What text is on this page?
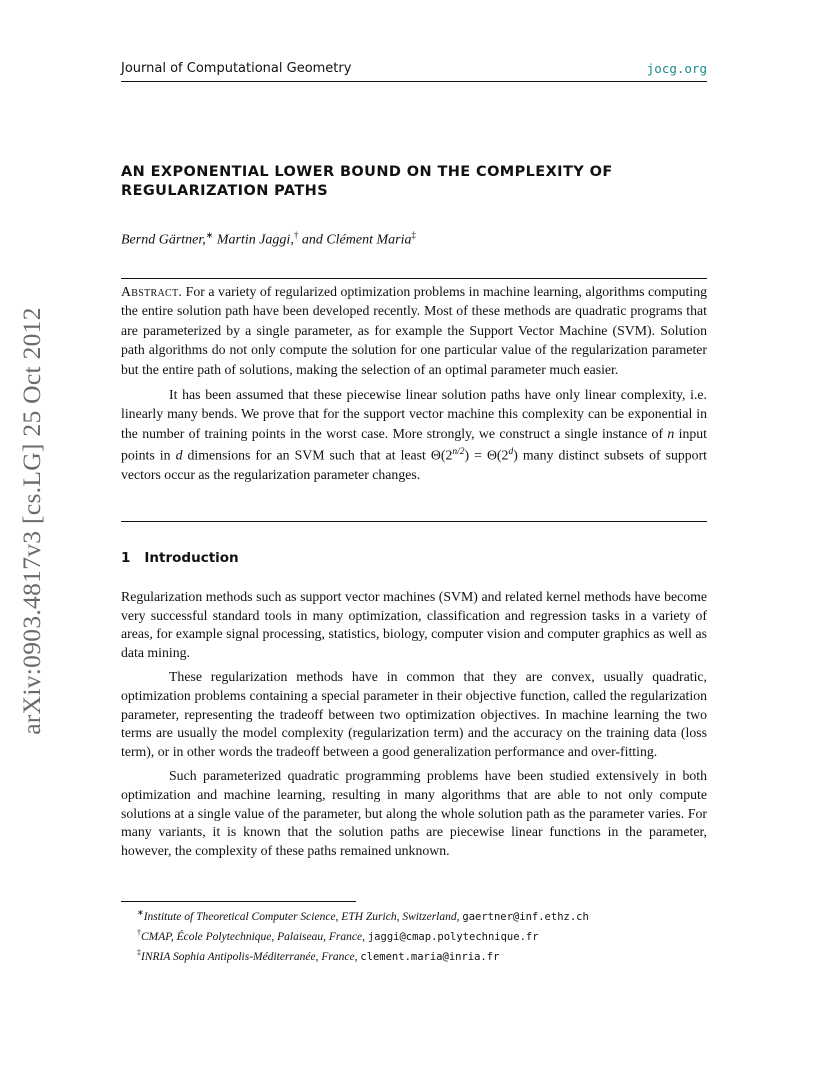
arXiv:0903.4817v3 [cs.LG] 25 Oct 2012
Journal of Computational Geometry	jocg.org
AN EXPONENTIAL LOWER BOUND ON THE COMPLEXITY OF
REGULARIZATION PATHS
Bernd Gärtner,∗ Martin Jaggi,† and Clément Maria‡

Abstract. For a variety of regularized optimization problems in machine learning, algorithms computing the entire solution path have been developed recently. Most of these methods are quadratic programs that are parameterized by a single parameter, as for example the Support Vector Machine (SVM). Solution path algorithms do not only compute the solution for one particular value of the regularization parameter but the entire path of solutions, making the selection of an optimal parameter much easier.

It has been assumed that these piecewise linear solution paths have only linear complexity, i.e. linearly many bends. We prove that for the support vector machine this complexity can be exponential in the number of training points in the worst case. More strongly, we construct a single instance of n input points in d dimensions for an SVM such that at least $\Theta(2^{n/2}) = \Theta(2^d)$ many distinct subsets of support vectors occur as the regularization parameter changes.

1 Introduction

Regularization methods such as support vector machines (SVM) and related kernel methods have become very successful standard tools in many optimization, classification and regression tasks in a variety of areas, for example signal processing, statistics, biology, computer vision and computer graphics as well as data mining.

These regularization methods have in common that they are convex, usually quadratic, optimization problems containing a special parameter in their objective function, called the regularization parameter, representing the tradeoff between two optimization objectives. In machine learning the two terms are usually the model complexity (regularization term) and the accuracy on the training data (loss term), or in other words the tradeoff between a good generalization performance and over-fitting.

Such parameterized quadratic programming problems have been studied extensively in both optimization and machine learning, resulting in many algorithms that are able to not only compute solutions at a single value of the parameter, but along the whole solution path as the parameter varies. For many variants, it is known that the solution paths are piecewise linear functions in the parameter, however, the complexity of these paths remained unknown.

∗Institute of Theoretical Computer Science, ETH Zurich, Switzerland, gaertner@inf.ethz.ch
†CMAP, École Polytechnique, Palaiseau, France, jaggi@cmap.polytechnique.fr
‡INRIA Sophia Antipolis-Méditerranée, France, clement.maria@inria.fr
